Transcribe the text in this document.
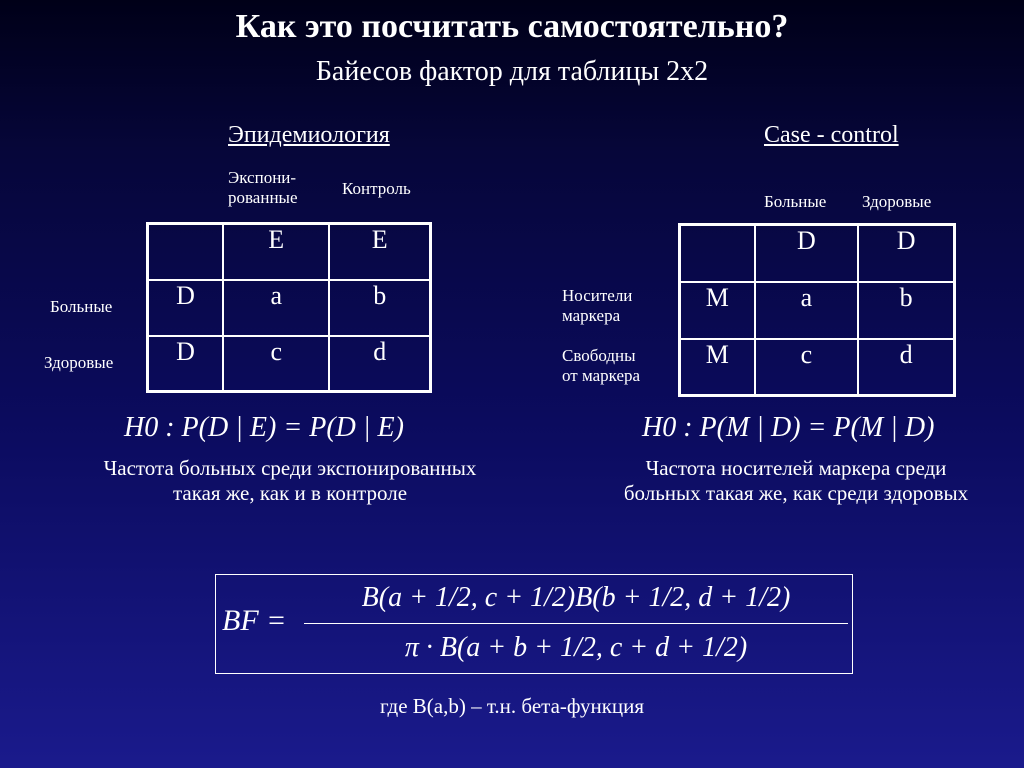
Как это посчитать самостоятельно?
Байесов фактор для таблицы 2x2
Эпидемиология
Экспони-
рованные	Контроль
Больные
Здоровые
	E	$\overline{E}$
D	a	b
$\overline{D}$	c	d
H0 : P(D | E) = P(D | E)
Частота больных среди экспонированных
такая же, как и в контроле
Case - control
Больные Здоровые
Носители
маркера
Свободны
от маркера
	D	$\overline{D}$
M	a	b
$\overline{M}$	c	d
H0 : P(M | D) = P(M | D)
Частота носителей маркера среди
больных такая же, как среди здоровых
BF =
B(a + 1/2, c + 1/2)B(b + 1/2, d + 1/2)
π · B(a + b + 1/2, c + d + 1/2)
где B(a,b) – т.н. бета-функция
